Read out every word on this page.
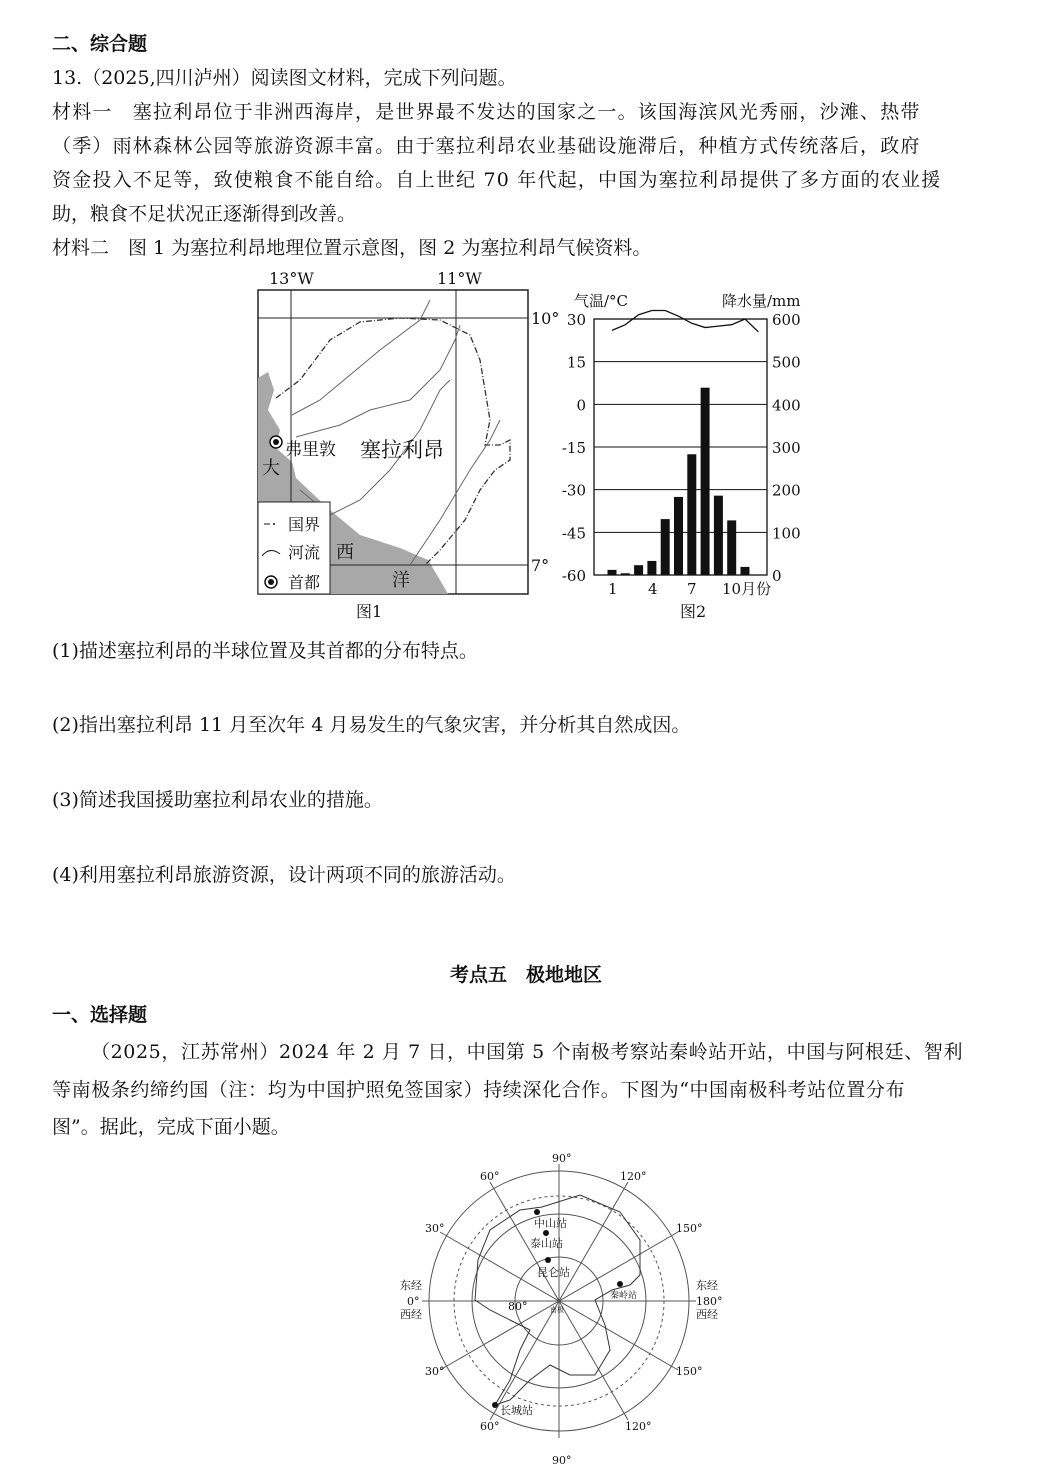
二、综合题
13.（2025,四川泸州）阅读图文材料，完成下列问题。
材料一　塞拉利昂位于非洲西海岸，是世界最不发达的国家之一。该国海滨风光秀丽，沙滩、热带
（季）雨林森林公园等旅游资源丰富。由于塞拉利昂农业基础设施滞后，种植方式传统落后，政府
资金投入不足等，致使粮食不能自给。自上世纪 70 年代起，中国为塞拉利昂提供了多方面的农业援
助，粮食不足状况正逐渐得到改善。
材料二　图 1 为塞拉利昂地理位置示意图，图 2 为塞拉利昂气候资料。
弗里敦 塞拉利昂
大
西
洋
13°W	11°W
10°
7°
国界
河流
首都
图1
30	600
15	500
0	400
-15	300
-30	200
-45	100
-60	0
气温/°C	降水量/mm
1 4 7 10月份
图2
(1)描述塞拉利昂的半球位置及其首都的分布特点。
(2)指出塞拉利昂 11 月至次年 4 月易发生的气象灾害，并分析其自然成因。
(3)简述我国援助塞拉利昂农业的措施。
(4)利用塞拉利昂旅游资源，设计两项不同的旅游活动。
考点五　极地地区
一、选择题
（2025，江苏常州）2024 年 2 月 7 日，中国第 5 个南极考察站秦岭站开站，中国与阿根廷、智利
等南极条约缔约国（注：均为中国护照免签国家）持续深化合作。下图为“中国南极科考站位置分布
图”。据此，完成下面小题。
90°
90°
60°
30°
120°
150°
30°
60°
150°
120°
东经
0°
西经
东经
180°
西经
80°	南极
中山站
泰山站
昆仑站
秦岭站
长城站
